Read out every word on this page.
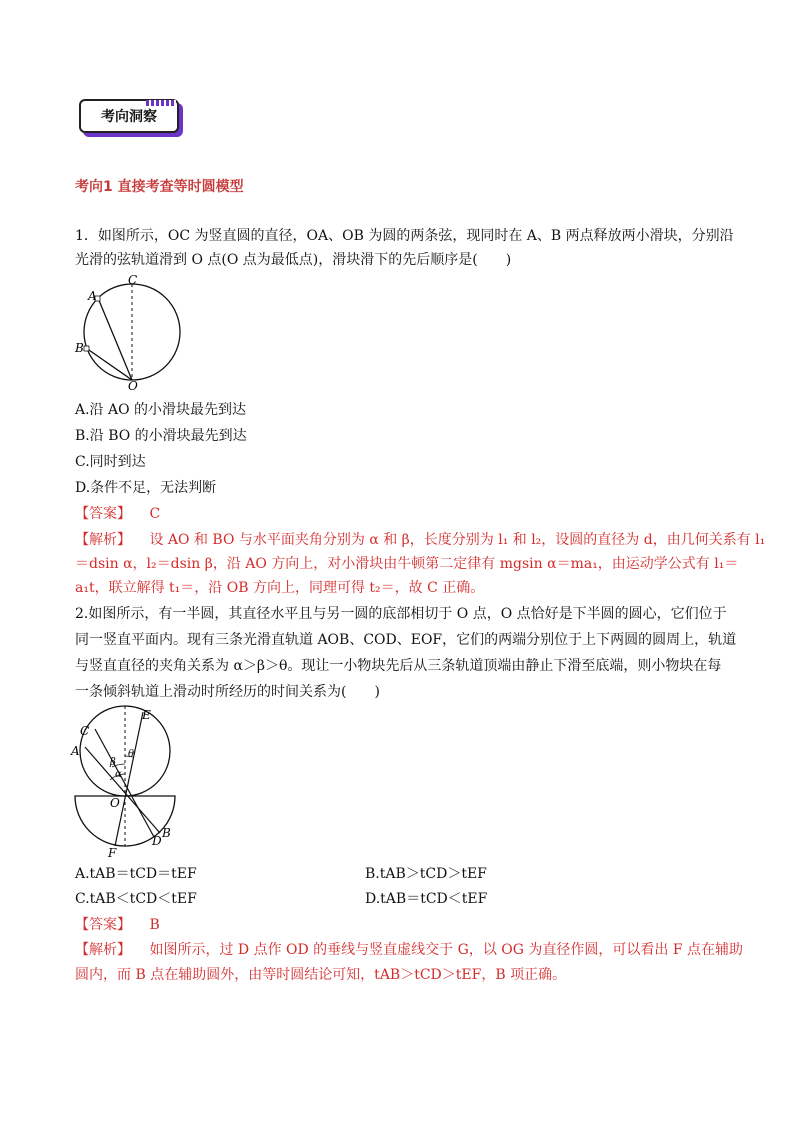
考向洞察
考向1 直接考查等时圆模型
1．如图所示，OC 为竖直圆的直径，OA、OB 为圆的两条弦，现同时在 A、B 两点释放两小滑块，分别沿
光滑的弦轨道滑到 O 点(O 点为最低点)，滑块滑下的先后顺序是(　　)
A
B
C
O
A.沿 AO 的小滑块最先到达
B.沿 BO 的小滑块最先到达
C.同时到达
D.条件不足，无法判断
【答案】 C
【解析】 设 AO 和 BO 与水平面夹角分别为 α 和 β，长度分别为 l₁ 和 l₂，设圆的直径为 d，由几何关系有 l₁
＝dsin α，l₂＝dsin β，沿 AO 方向上，对小滑块由牛顿第二定律有 mgsin α＝ma₁，由运动学公式有 l₁＝
a₁t，联立解得 t₁＝，沿 OB 方向上，同理可得 t₂＝，故 C 正确。
2.如图所示，有一半圆，其直径水平且与另一圆的底部相切于 O 点，O 点恰好是下半圆的圆心，它们位于
同一竖直平面内。现有三条光滑直轨道 AOB、COD、EOF，它们的两端分别位于上下两圆的圆周上，轨道
与竖直直径的夹角关系为 α＞β＞θ。现让一小物块先后从三条轨道顶端由静止下滑至底端，则小物块在每
一条倾斜轨道上滑动时所经历的时间关系为(　　)
A
C
E
O
B
D
F
α
β
θ
A.tAB＝tCD＝tEF	B.tAB＞tCD＞tEF
C.tAB＜tCD＜tEF	D.tAB＝tCD＜tEF
【答案】 B
【解析】 如图所示，过 D 点作 OD 的垂线与竖直虚线交于 G，以 OG 为直径作圆，可以看出 F 点在辅助
圆内，而 B 点在辅助圆外，由等时圆结论可知，tAB＞tCD＞tEF，B 项正确。
